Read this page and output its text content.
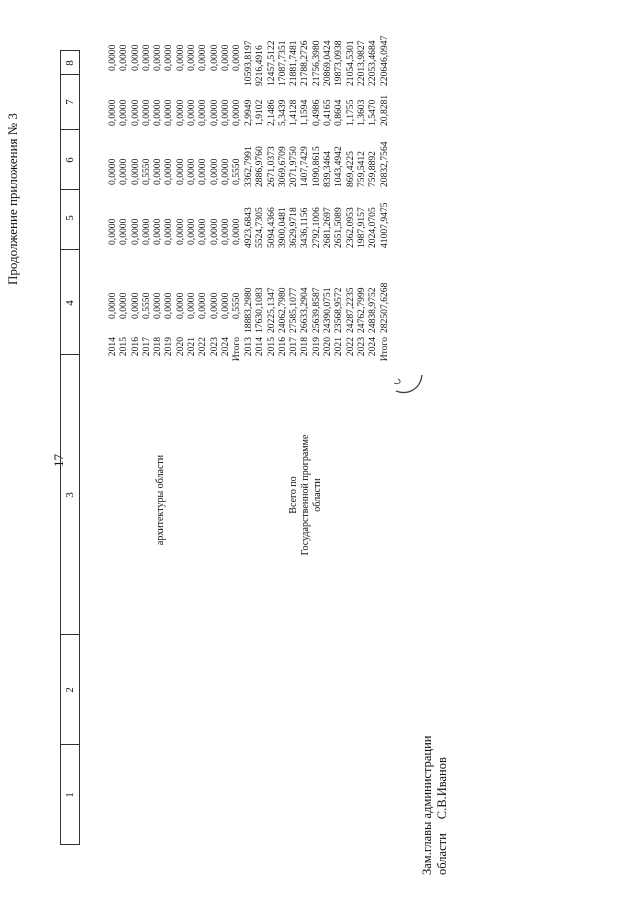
Продолжение приложения № 3
17
1
2
3
4
5
6
7
8
архитектуры области
2014 2015 2016 2017 2018 2019 2020 2021 2022 2023 2024 Итого
0,0000 0,0000 0,0000 0,5550 0,0000 0,0000 0,0000 0,0000 0,0000 0,0000 0,0000 0,5550
0,0000 0,0000 0,0000 0,0000 0,0000 0,0000 0,0000 0,0000 0,0000 0,0000 0,0000 0,0000
0,0000 0,0000 0,0000 0,5550 0,0000 0,0000 0,0000 0,0000 0,0000 0,0000 0,0000 0,5550
0,0000 0,0000 0,0000 0,0000 0,0000 0,0000 0,0000 0,0000 0,0000 0,0000 0,0000 0,0000
0,0000 0,0000 0,0000 0,0000 0,0000 0,0000 0,0000 0,0000 0,0000 0,0000 0,0000 0,0000
Всего по Государственной программе области
2013 2014 2015 2016 2017 2018 2019 2020 2021 2022 2023 2024 Итого
18883,2980 17630,1083 20225,1347 24062,7980 27585,1077 26633,2904 25639,8587 24390,0751 23568,9572 24287,2235 24762,7999 24838,9752 282507,6268
4923,6843 5524,7305 5094,4366 3900,0481 3629,9718 3436,1156 2792,1006 2681,2697 2651,5089 2362,0953 1987,9157 2024,0705 41007,9475
3362,7991 2886,9760 2671,0373 3069,6709 2071,9750 1407,7429 1090,8615 839,3464 1043,4942 869,4225 759,5412 759,8892 20832,7564
2,9949 1,9102 2,1486 5,3439 1,4128 1,1594 0,4986 0,4165 0,8604 1,1755 1,3603 1,5470 20,8281
10593,8197 9216,4916 12457,5122 17087,7351 21881,7481 21788,2726 21756,3980 20869,0424 19873,0938 21054,5301 22013,9827 22053,4684 220646,0947
Зам.главы администрации областиС.В.Иванов
